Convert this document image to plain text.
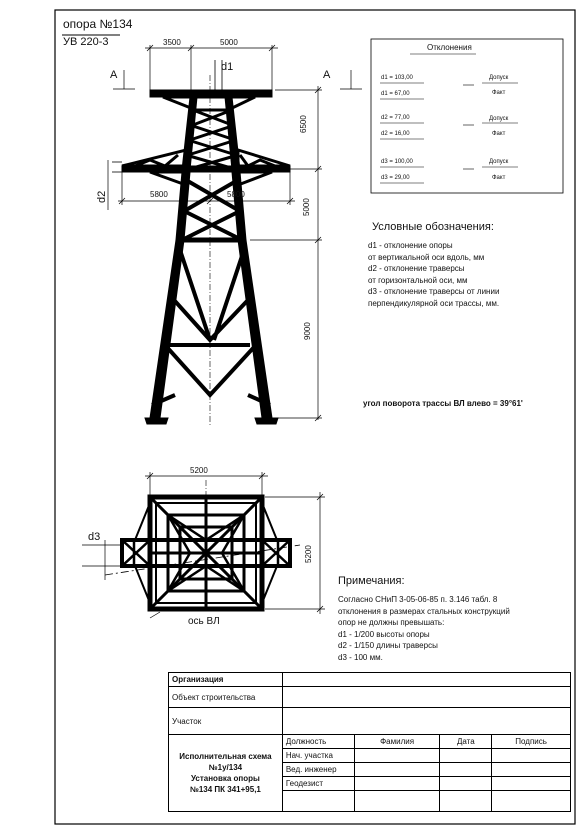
опора №134
УВ 220-3	3500	5000
d1
А	А
6500
5000
9000
5800	5800
d2
5200
5200
d3
ось ВЛ
Отклонения
d1 = 103,00
d1 = 67,00
Допуск
Факт
d2 = 77,00
d2 = 16,00
Допуск
Факт
d3 = 100,00
d3 = 29,00
Допуск
Факт
Условные обозначения:
d1 - отклонение опоры
от вертикальной оси вдоль, мм
d2 - отклонение траверсы
от горизонтальной оси, мм
d3 - отклонение траверсы от линии
перпендикулярной оси трассы, мм.
угол поворота трассы ВЛ влево = 39°61'
Примечания:
Согласно СНиП 3-05-06-85 п. 3.146 табл. 8
отклонения в размерах стальных конструкций
опор не должны превышать:
d1 - 1/200 высоты опоры
d2 - 1/150 длины траверсы
d3 - 100 мм.
Организация				
Объект строительства				
Участок				

Исполнительная схема
№1у/134
Установка опоры
№134 ПК 341+95,1	Должность	Фамилия	Дата	Подпись
	Нач. участка			
	Вед. инженер			
	Геодезист			
